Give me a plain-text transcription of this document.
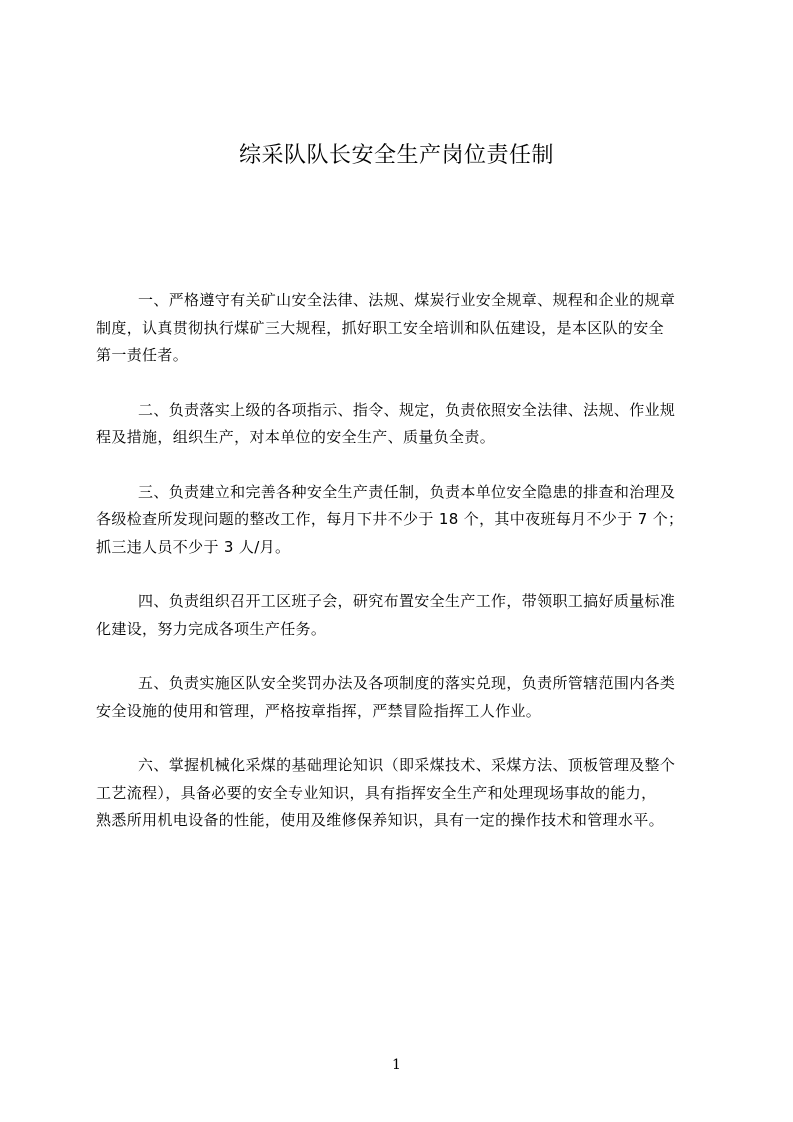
综采队队长安全生产岗位责任制

一、严格遵守有关矿山安全法律、法规、煤炭行业安全规章、规程和企业的规章
制度，认真贯彻执行煤矿三大规程，抓好职工安全培训和队伍建设，是本区队的安全
第一责任者。

二、负责落实上级的各项指示、指令、规定，负责依照安全法律、法规、作业规
程及措施，组织生产，对本单位的安全生产、质量负全责。

三、负责建立和完善各种安全生产责任制，负责本单位安全隐患的排查和治理及
各级检查所发现问题的整改工作，每月下井不少于 18 个，其中夜班每月不少于 7 个；
抓三违人员不少于 3 人/月。

四、负责组织召开工区班子会，研究布置安全生产工作，带领职工搞好质量标准
化建设，努力完成各项生产任务。

五、负责实施区队安全奖罚办法及各项制度的落实兑现，负责所管辖范围内各类
安全设施的使用和管理，严格按章指挥，严禁冒险指挥工人作业。

六、掌握机械化采煤的基础理论知识（即采煤技术、采煤方法、顶板管理及整个
工艺流程），具备必要的安全专业知识，具有指挥安全生产和处理现场事故的能力，
熟悉所用机电设备的性能，使用及维修保养知识，具有一定的操作技术和管理水平。

1
